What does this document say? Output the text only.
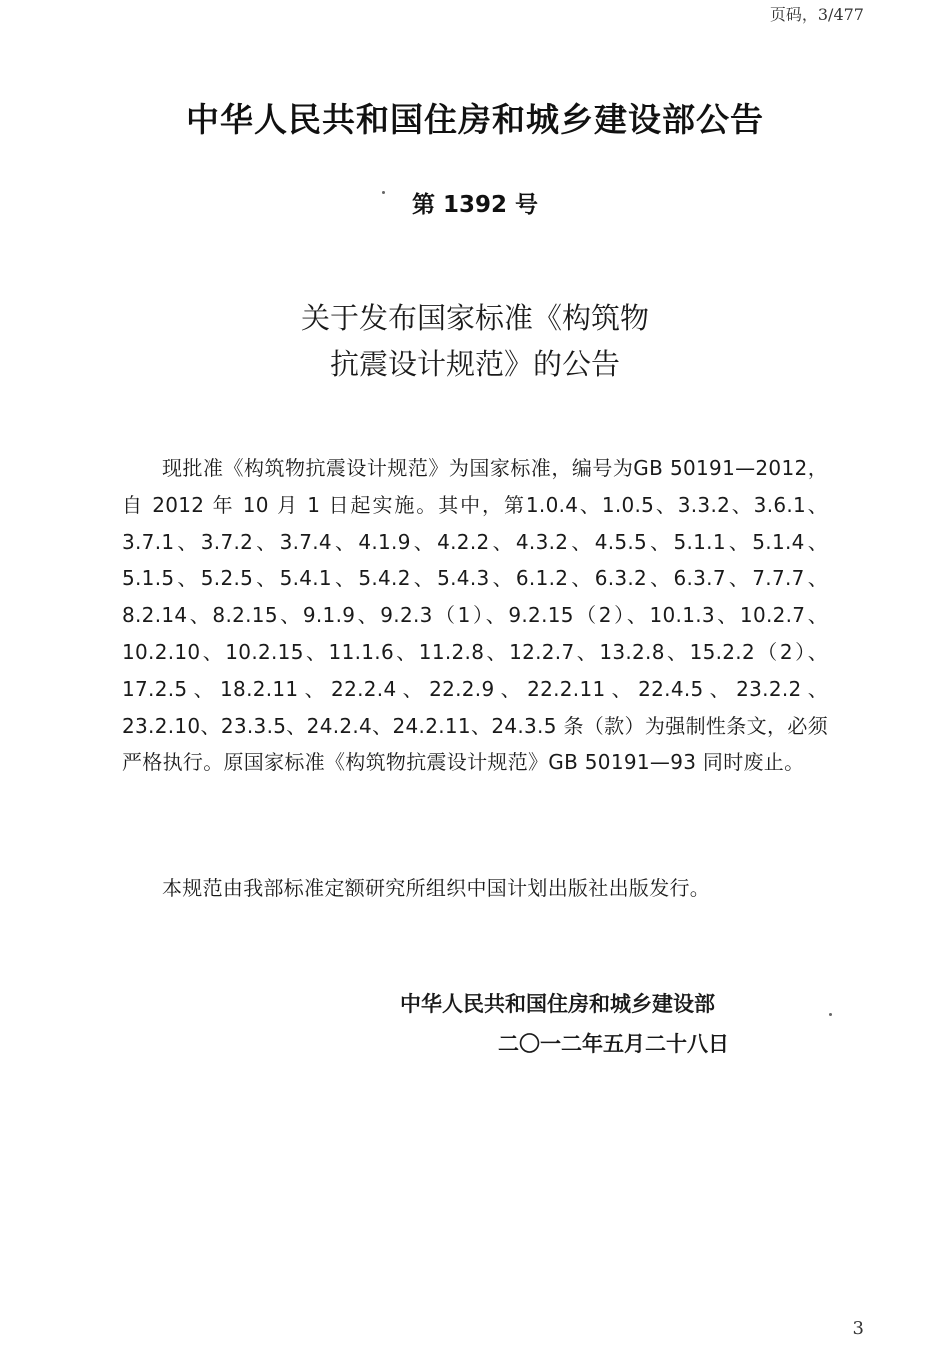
页码，3/477
中华人民共和国住房和城乡建设部公告
第 1392 号
关于发布国家标准《构筑物
抗震设计规范》的公告
现批准《构筑物抗震设计规范》为国家标准，编号为GB 50191—2012，自 2012 年 10 月 1 日起实施。其中，第1.0.4、1.0.5、3.3.2、3.6.1、3.7.1、3.7.2、3.7.4、4.1.9、4.2.2、4.3.2、4.5.5、5.1.1、5.1.4、5.1.5、5.2.5、5.4.1、5.4.2、5.4.3、6.1.2、6.3.2、6.3.7、7.7.7、8.2.14、8.2.15、9.1.9、9.2.3（1）、9.2.15（2）、10.1.3、10.2.7、10.2.10、10.2.15、11.1.6、11.2.8、12.2.7、13.2.8、15.2.2（2）、17.2.5、18.2.11、22.2.4、22.2.9、22.2.11、22.4.5、23.2.2、23.2.10、23.3.5、24.2.4、24.2.11、24.3.5 条（款）为强制性条文，必须严格执行。原国家标准《构筑物抗震设计规范》GB 50191—93 同时废止。
本规范由我部标准定额研究所组织中国计划出版社出版发行。
中华人民共和国住房和城乡建设部
二〇一二年五月二十八日
3
